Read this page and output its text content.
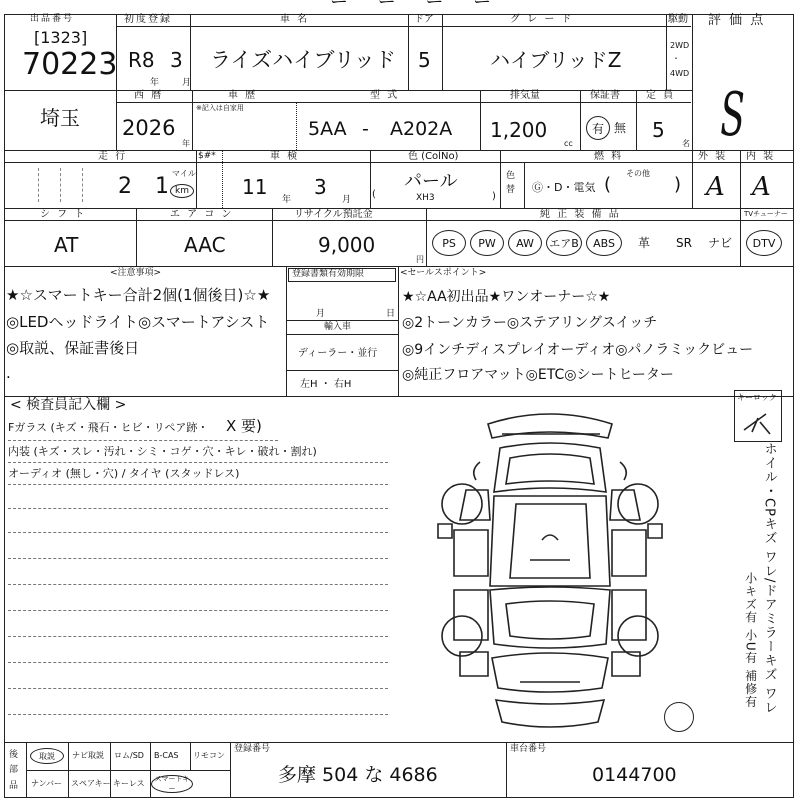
ー ー ー ー
出品番号
[1323]
70223
初度登録
R8 3
年	月
車 名
ライズハイブリッド
ドア
5
グ レ ー ド
ハイブリッドZ
駆動
2WD
・
4WD
評 価 点
S
埼玉
西 暦
2026
年
車 歴
※記入は自家用
型 式
5AA - A202A
排気量
1,200
cc
保証書
有 無
定 員
5
名
走 行
2 1
マイル
km
$#*	車 検
11 3
年	月
色 (ColNo)
(
パール
XH3	)
色替
燃 料
Ⓖ・D・電気
その他
(	)
外 装
A
内 装
A
シ フ ト
AT
エ ア コ ン
AAC
リサイクル預託金
9,000
円
純 正 装 備 品	TVチューナー
PS	PW	AW	エアB	ABS	革 SR ナビ	DTV
<注意事項>
★☆スマートキー合計2個(1個後日)☆★
◎LEDヘッドライト◎スマートアシスト
◎取説、保証書後日
.
登録書類有効期限
月	日
輸入車
ディーラー・並行
左H ・ 右H
<セールスポイント>
★☆AA初出品★ワンオーナー☆★
◎2トーンカラー◎ステアリングスイッチ
◎9インチディスプレイオーディオ◎パノラミックビュー
◎純正フロアマット◎ETC◎シートヒーター
< 検査員記入欄 >
Fガラス (キズ・飛石・ヒビ・リペア跡・ X 要)
内装 (キズ・スレ・汚れ・シミ・コゲ・穴・キレ・破れ・割れ)
オーディオ (無し・穴) / タイヤ (スタッドレス)
キーロック
ホイル・CPキズ ワレ/ドアミラーキズ ワレ
小キズ有 小U有 補修有
後部品
取説	ナビ取説 ロム/SD B-CAS リモコン
ナンバー スペアキー キーレス	スマートキー
登録番号
多摩 504 な 4686
車台番号
0144700
